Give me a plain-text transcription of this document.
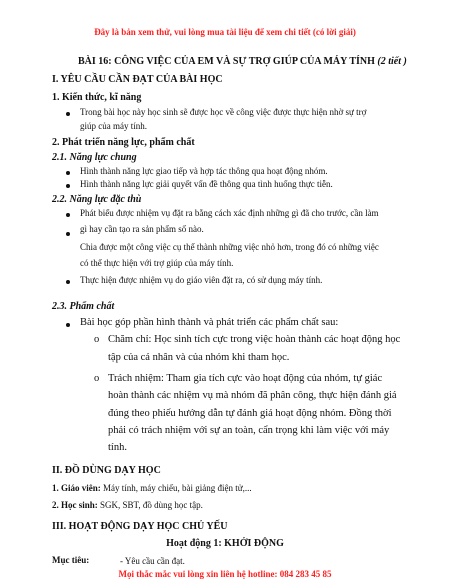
Đây là bản xem thử, vui lòng mua tài liệu để xem chi tiết (có lời giải)
BÀI 16: CÔNG VIỆC CỦA EM VÀ SỰ TRỢ GIÚP CỦA MÁY TÍNH (2 tiết )
I. YÊU CẦU CẦN ĐẠT CỦA BÀI HỌC
1. Kiến thức, kĩ năng
Trong bài học này học sinh sẽ được học về công việc được thực hiện nhờ sự trợ
giúp của máy tính.
2. Phát triển năng lực, phẩm chất
2.1. Năng lực chung
Hình thành năng lực giao tiếp và hợp tác thông qua hoạt động nhóm.
Hình thành năng lực giải quyết vấn đề thông qua tình huống thực tiễn.
2.2. Năng lực đặc thù
Phát biểu được nhiệm vụ đặt ra bằng cách xác định những gì đã cho trước, cần làm
gì hay cần tạo ra sản phẩm số nào.
Chia được một công việc cụ thể thành những việc nhỏ hơn, trong đó có những việc
có thể thực hiện với trợ giúp của máy tính.
Thực hiện được nhiệm vụ do giáo viên đặt ra, có sử dụng máy tính.
2.3. Phẩm chất
Bài học góp phần hình thành và phát triển các phẩm chất sau:
o Chăm chỉ: Học sinh tích cực trong việc hoàn thành các hoạt động học
tập của cá nhân và của nhóm khi tham học.
o Trách nhiệm: Tham gia tích cực vào hoạt động của nhóm, tự giác
hoàn thành các nhiệm vụ mà nhóm đã phân công, thực hiện đánh giá
đúng theo phiếu hướng dẫn tự đánh giá hoạt động nhóm. Đồng thời
phải có trách nhiệm với sự an toàn, cẩn trọng khi làm việc với máy
tính.
II. ĐỒ DÙNG DẠY HỌC
1. Giáo viên: Máy tính, máy chiếu, bài giảng điện tử,...
2. Học sinh: SGK, SBT, đồ dùng học tập.
III. HOẠT ĐỘNG DẠY HỌC CHỦ YẾU
Hoạt động 1: KHỞI ĐỘNG
Mục tiêu:	- Yêu cầu cần đạt.
Mọi thắc mắc vui lòng xin liên hệ hotline: 084 283 45 85
